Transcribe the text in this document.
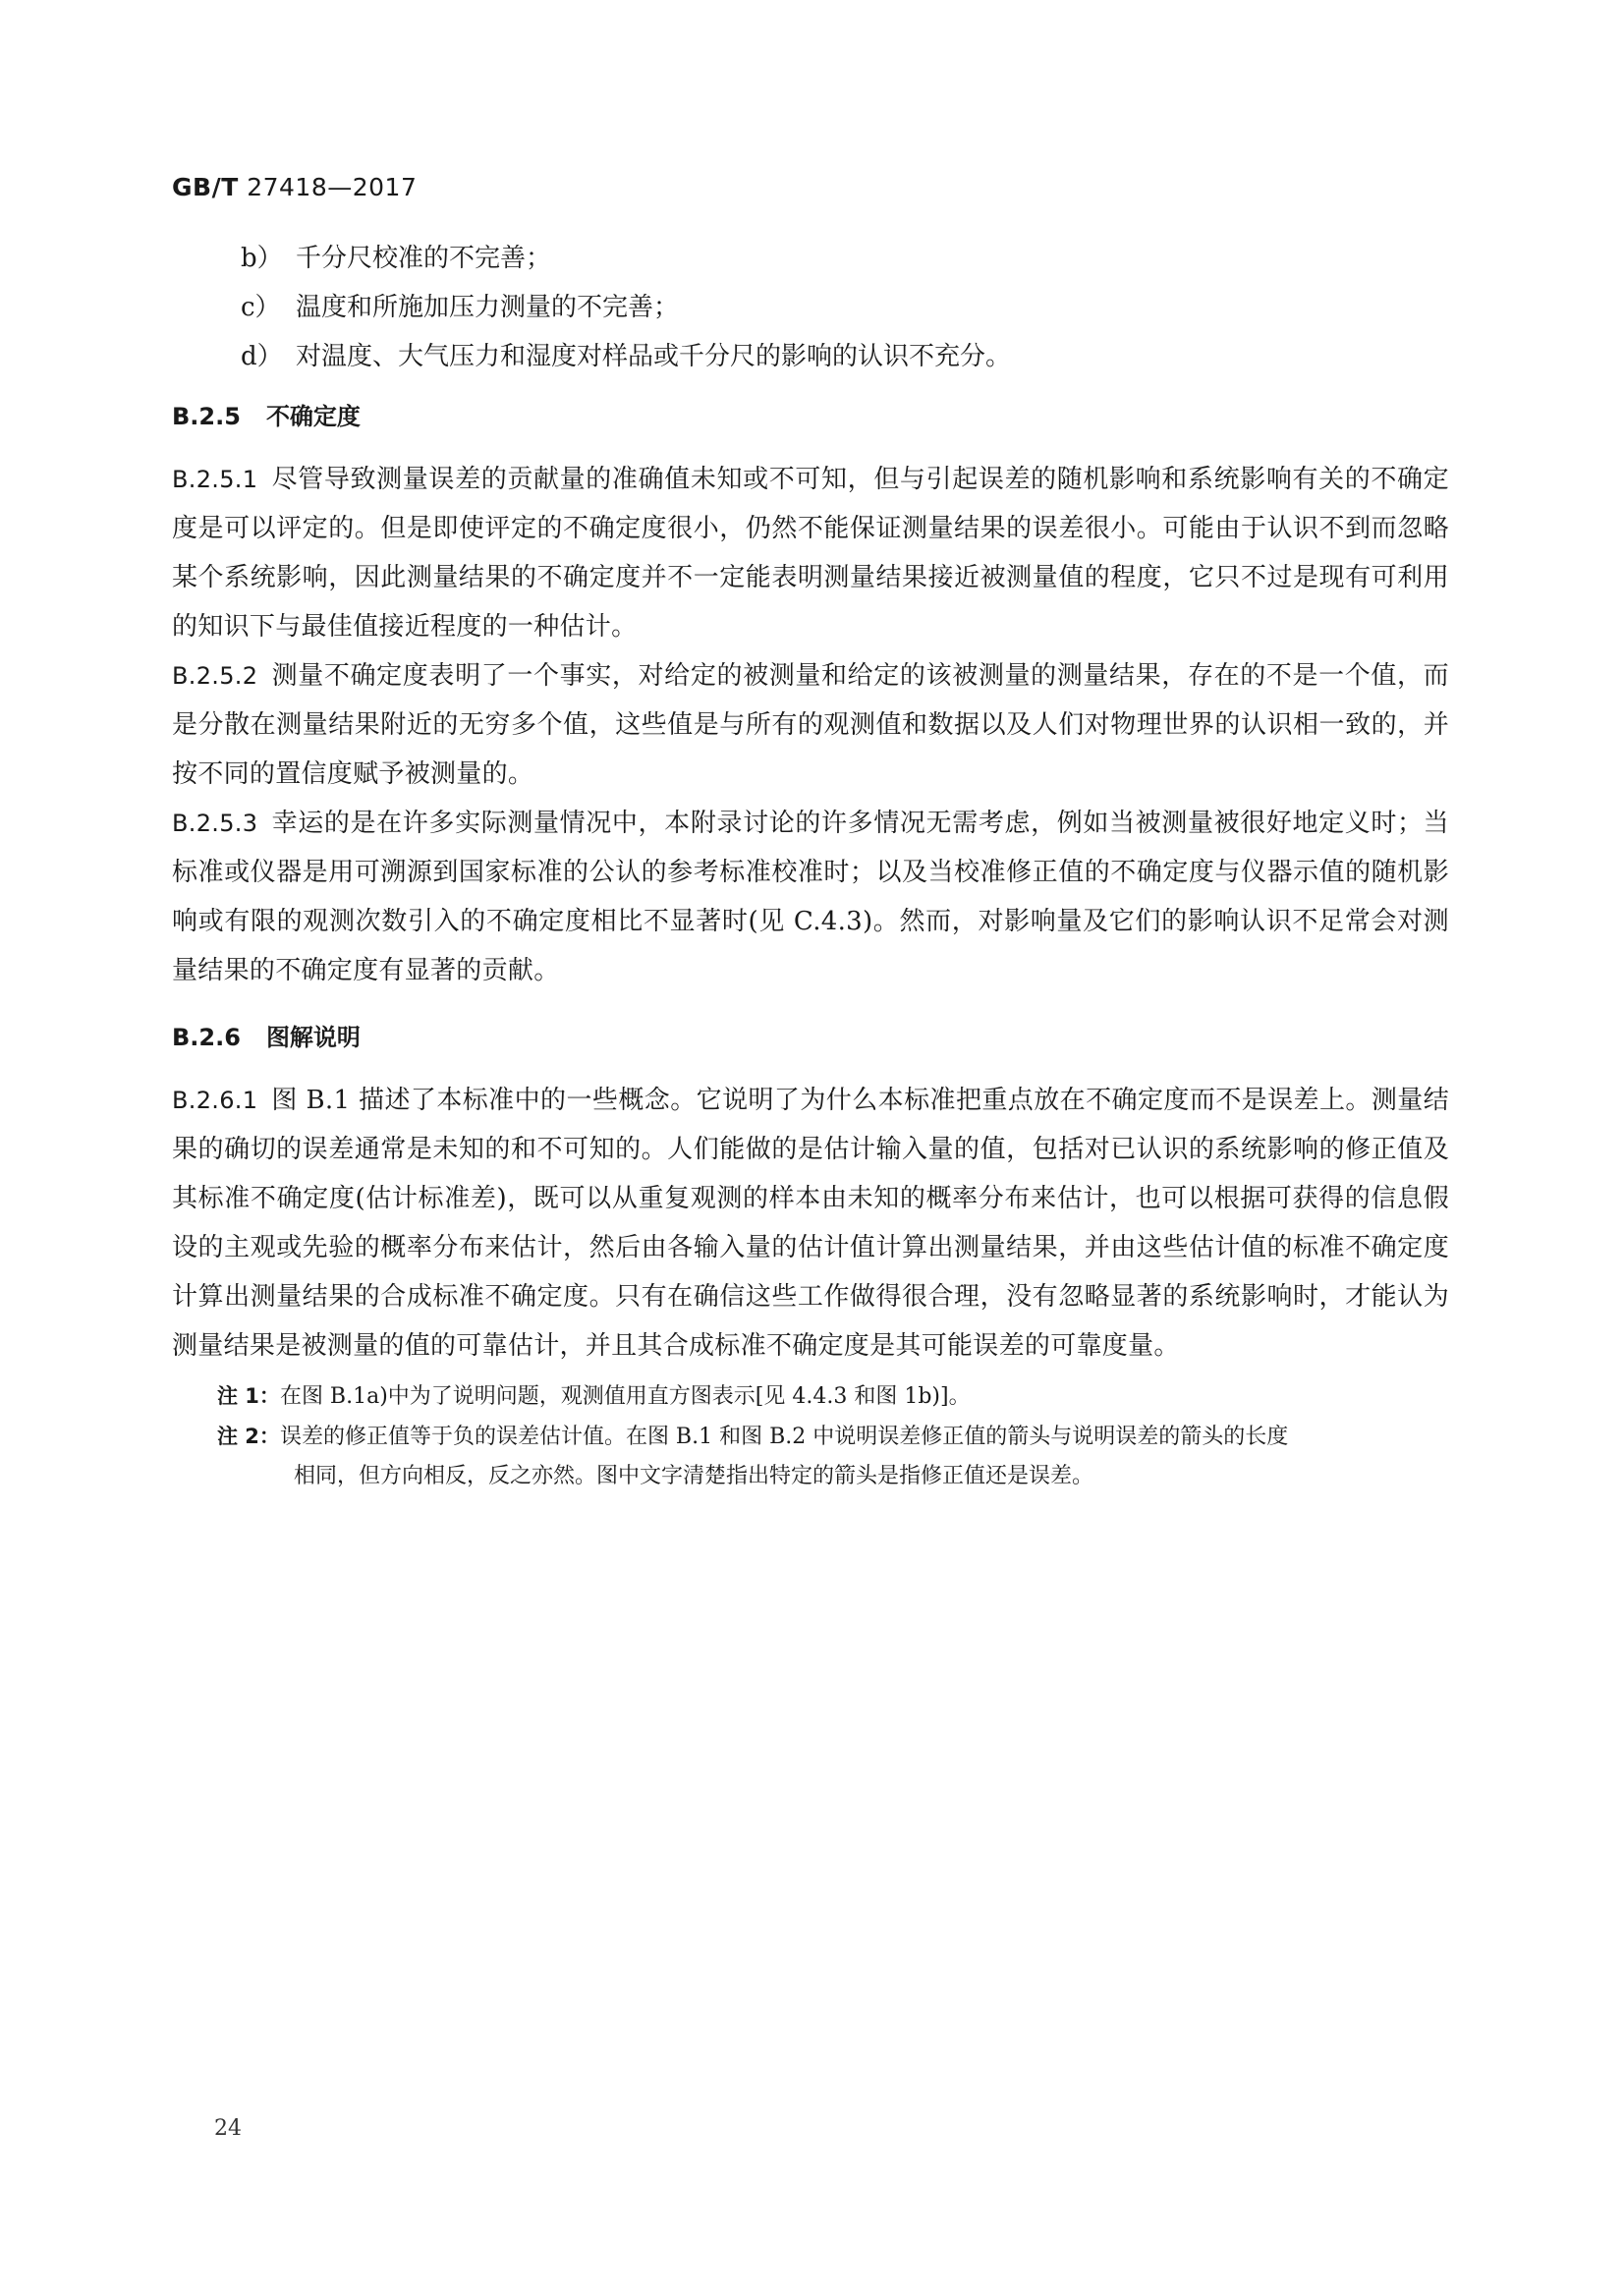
GB/T 27418—2017
b） 千分尺校准的不完善；
c） 温度和所施加压力测量的不完善；
d） 对温度、大气压力和湿度对样品或千分尺的影响的认识不充分。
B.2.5 不确定度

B.2.5.1 尽管导致测量误差的贡献量的准确值未知或不可知，但与引起误差的随机影响和系统影响有关的不确定度是可以评定的。但是即使评定的不确定度很小，仍然不能保证测量结果的误差很小。可能由于认识不到而忽略某个系统影响，因此测量结果的不确定度并不一定能表明测量结果接近被测量值的程度，它只不过是现有可利用的知识下与最佳值接近程度的一种估计。

B.2.5.2 测量不确定度表明了一个事实，对给定的被测量和给定的该被测量的测量结果，存在的不是一个值，而是分散在测量结果附近的无穷多个值，这些值是与所有的观测值和数据以及人们对物理世界的认识相一致的，并按不同的置信度赋予被测量的。

B.2.5.3 幸运的是在许多实际测量情况中，本附录讨论的许多情况无需考虑，例如当被测量被很好地定义时；当标准或仪器是用可溯源到国家标准的公认的参考标准校准时；以及当校准修正值的不确定度与仪器示值的随机影响或有限的观测次数引入的不确定度相比不显著时(见 C.4.3)。然而，对影响量及它们的影响认识不足常会对测量结果的不确定度有显著的贡献。

B.2.6 图解说明

B.2.6.1 图 B.1 描述了本标准中的一些概念。它说明了为什么本标准把重点放在不确定度而不是误差上。测量结果的确切的误差通常是未知的和不可知的。人们能做的是估计输入量的值，包括对已认识的系统影响的修正值及其标准不确定度(估计标准差)，既可以从重复观测的样本由未知的概率分布来估计，也可以根据可获得的信息假设的主观或先验的概率分布来估计，然后由各输入量的估计值计算出测量结果，并由这些估计值的标准不确定度计算出测量结果的合成标准不确定度。只有在确信这些工作做得很合理，没有忽略显著的系统影响时，才能认为测量结果是被测量的值的可靠估计，并且其合成标准不确定度是其可能误差的可靠度量。

注 1：在图 B.1a)中为了说明问题，观测值用直方图表示[见 4.4.3 和图 1b)]。
注 2：误差的修正值等于负的误差估计值。在图 B.1 和图 B.2 中说明误差修正值的箭头与说明误差的箭头的长度
相同，但方向相反，反之亦然。图中文字清楚指出特定的箭头是指修正值还是误差。
24
